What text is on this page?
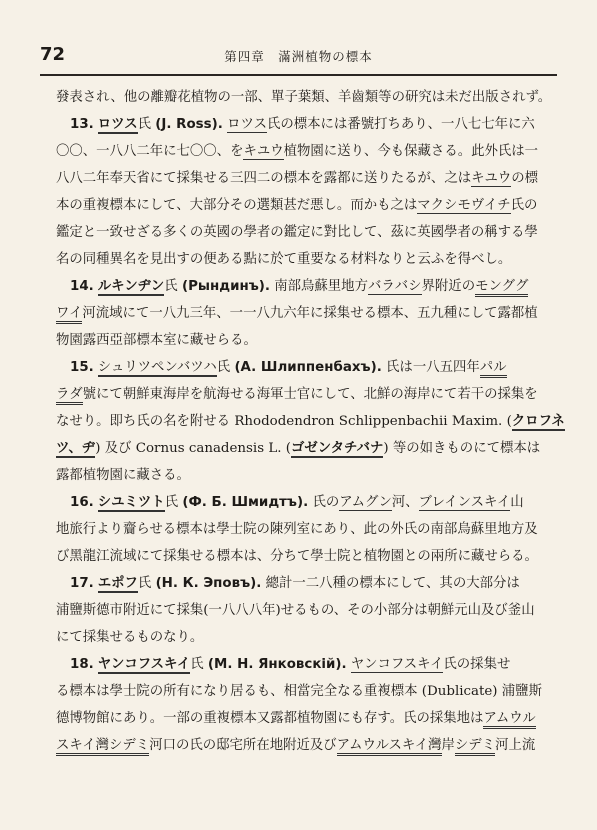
72	第四章　滿洲植物の標本
發表され、他の離瓣花植物の一部、單子葉類、羊齒類等の研究は未だ出版されず。
13. ロツス氏 (J. Ross). ロツス氏の標本には番號打ちあり、一八七七年に六
〇〇、一八八二年に七〇〇、をキユウ植物園に送り、今も保藏さる。此外氏は一
八八二年奉天省にて採集せる三四二の標本を露都に送りたるが、之はキユウの標
本の重複標本にして、大部分その選類甚だ悪し。而かも之はマクシモヴイチ氏の
鑑定と一致せざる多くの英國の學者の鑑定に對比して、茲に英國學者の稱する學
名の同種異名を見出すの便ある點に於て重要なる材料なりと云ふを得べし。
14. ルキンヂン氏 (Рындинъ). 南部烏蘇里地方バラバシ界附近のモンググ
ワイ河流域にて一八九三年、一一八九六年に採集せる標本、五九種にして露都植
物園露西亞部標本室に藏せらる。
15. シュリツペンバツハ氏 (A. Шлиппенбахъ). 氏は一八五四年パル
ラダ號にて朝鮮東海岸を航海せる海軍士官にして、北鮮の海岸にて若干の採集を
なせり。即ち氏の名を附せる Rhododendron Schlippenbachii Maxim. (クロフネ
ツ、ヂ) 及び Cornus canadensis L. (ゴゼンタチバナ) 等の如きものにて標本は
露都植物園に藏さる。
16. シユミツト氏 (Ф. Б. Шмидтъ). 氏のアムグン河、ブレインスキイ山
地旅行より齎らせる標本は學士院の陳列室にあり、此の外氏の南部烏蘇里地方及
び黑龍江流域にて採集せる標本は、分ちて學士院と植物園との兩所に藏せらる。
17. エポフ氏 (Н. К. Эповъ). 總計一二八種の標本にして、其の大部分は
浦鹽斯德市附近にて採集(一八八八年)せるもの、その小部分は朝鮮元山及び釜山
にて採集せるものなり。
18. ヤンコフスキイ氏 (M. H. Янковскій). ヤンコフスキイ氏の採集せ
る標本は學士院の所有になり居るも、相當完全なる重複標本 (Dublicate) 浦鹽斯
德博物館にあり。一部の重複標本又露都植物園にも存す。氏の採集地はアムウル
スキイ灣シデミ河口の氏の邸宅所在地附近及びアムウルスキイ灣岸シデミ河上流
